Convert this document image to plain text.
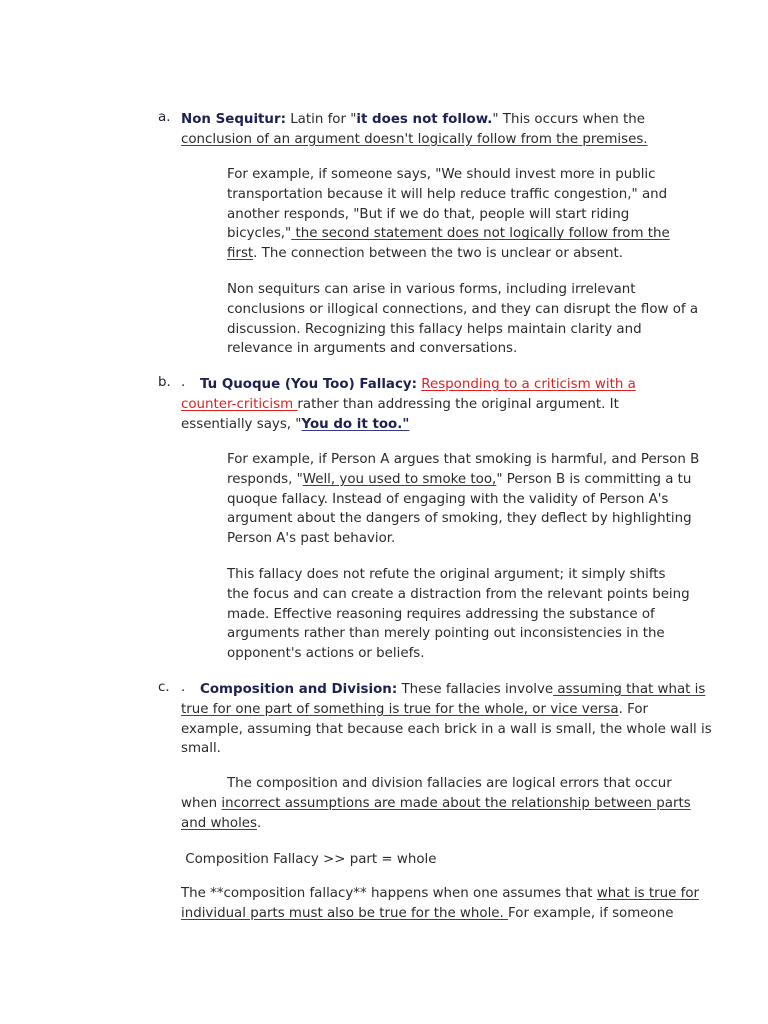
a. Non Sequitur: Latin for "it does not follow." This occurs when the
conclusion of an argument doesn't logically follow from the premises.
For example, if someone says, "We should invest more in public
transportation because it will help reduce traffic congestion," and
another responds, "But if we do that, people will start riding
bicycles," the second statement does not logically follow from the
first. The connection between the two is unclear or absent.
Non sequiturs can arise in various forms, including irrelevant
conclusions or illogical connections, and they can disrupt the flow of a
discussion. Recognizing this fallacy helps maintain clarity and
relevance in arguments and conversations.
b. .	Tu Quoque (You Too) Fallacy: Responding to a criticism with a
counter-criticism rather than addressing the original argument. It
essentially says, "You do it too."
For example, if Person A argues that smoking is harmful, and Person B
responds, "Well, you used to smoke too," Person B is committing a tu
quoque fallacy. Instead of engaging with the validity of Person A's
argument about the dangers of smoking, they deflect by highlighting
Person A's past behavior.
This fallacy does not refute the original argument; it simply shifts
the focus and can create a distraction from the relevant points being
made. Effective reasoning requires addressing the substance of
arguments rather than merely pointing out inconsistencies in the
opponent's actions or beliefs.
c. .	Composition and Division: These fallacies involve assuming that what is
true for one part of something is true for the whole, or vice versa. For
example, assuming that because each brick in a wall is small, the whole wall is
small.
The composition and division fallacies are logical errors that occur
when incorrect assumptions are made about the relationship between parts
and wholes.
Composition Fallacy >> part = whole
The **composition fallacy** happens when one assumes that what is true for
individual parts must also be true for the whole. For example, if someone
